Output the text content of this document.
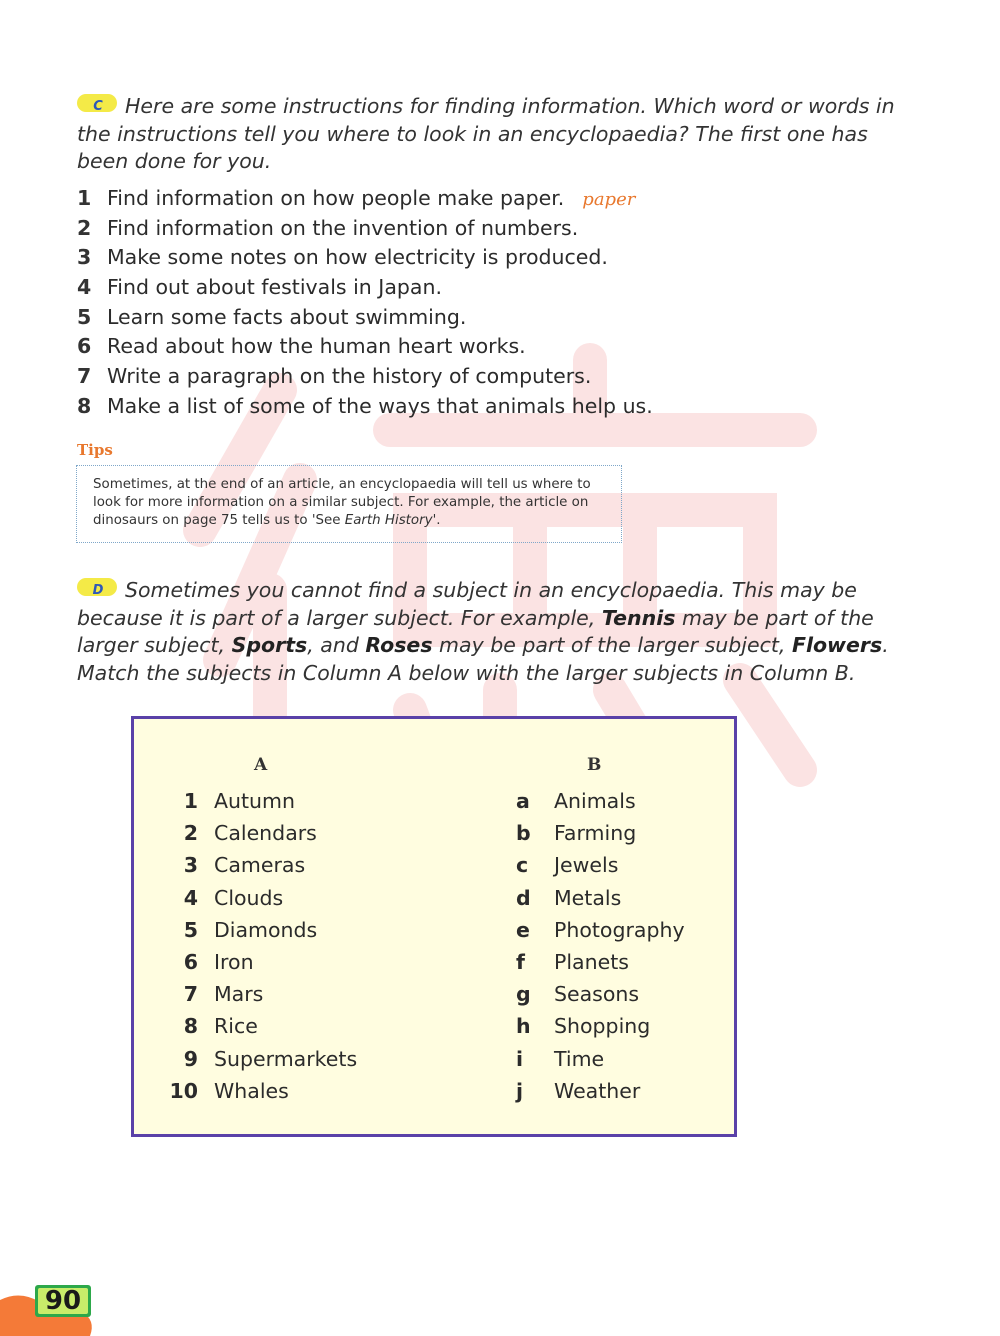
C Here are some instructions for finding information. Which word or words in the instructions tell you where to look in an encyclopaedia? The first one has been done for you.
1 Find information on how people make paper. paper
2 Find information on the invention of numbers.
3 Make some notes on how electricity is produced.
4 Find out about festivals in Japan.
5 Learn some facts about swimming.
6 Read about how the human heart works.
7 Write a paragraph on the history of computers.
8 Make a list of some of the ways that animals help us.
Tips
Sometimes, at the end of an article, an encyclopaedia will tell us where to look for more information on a similar subject. For example, the article on dinosaurs on page 75 tells us to 'See Earth History'.
D Sometimes you cannot find a subject in an encyclopaedia. This may be because it is part of a larger subject. For example, Tennis may be part of the larger subject, Sports, and Roses may be part of the larger subject, Flowers. Match the subjects in Column A below with the larger subjects in Column B.
A	B
1 Autumn
2 Calendars
3 Cameras
4 Clouds
5 Diamonds
6 Iron
7 Mars
8 Rice
9 Supermarkets
10 Whales
a Animals
b Farming
c Jewels
d Metals
e Photography
f Planets
g Seasons
h Shopping
i Time
j Weather
90
